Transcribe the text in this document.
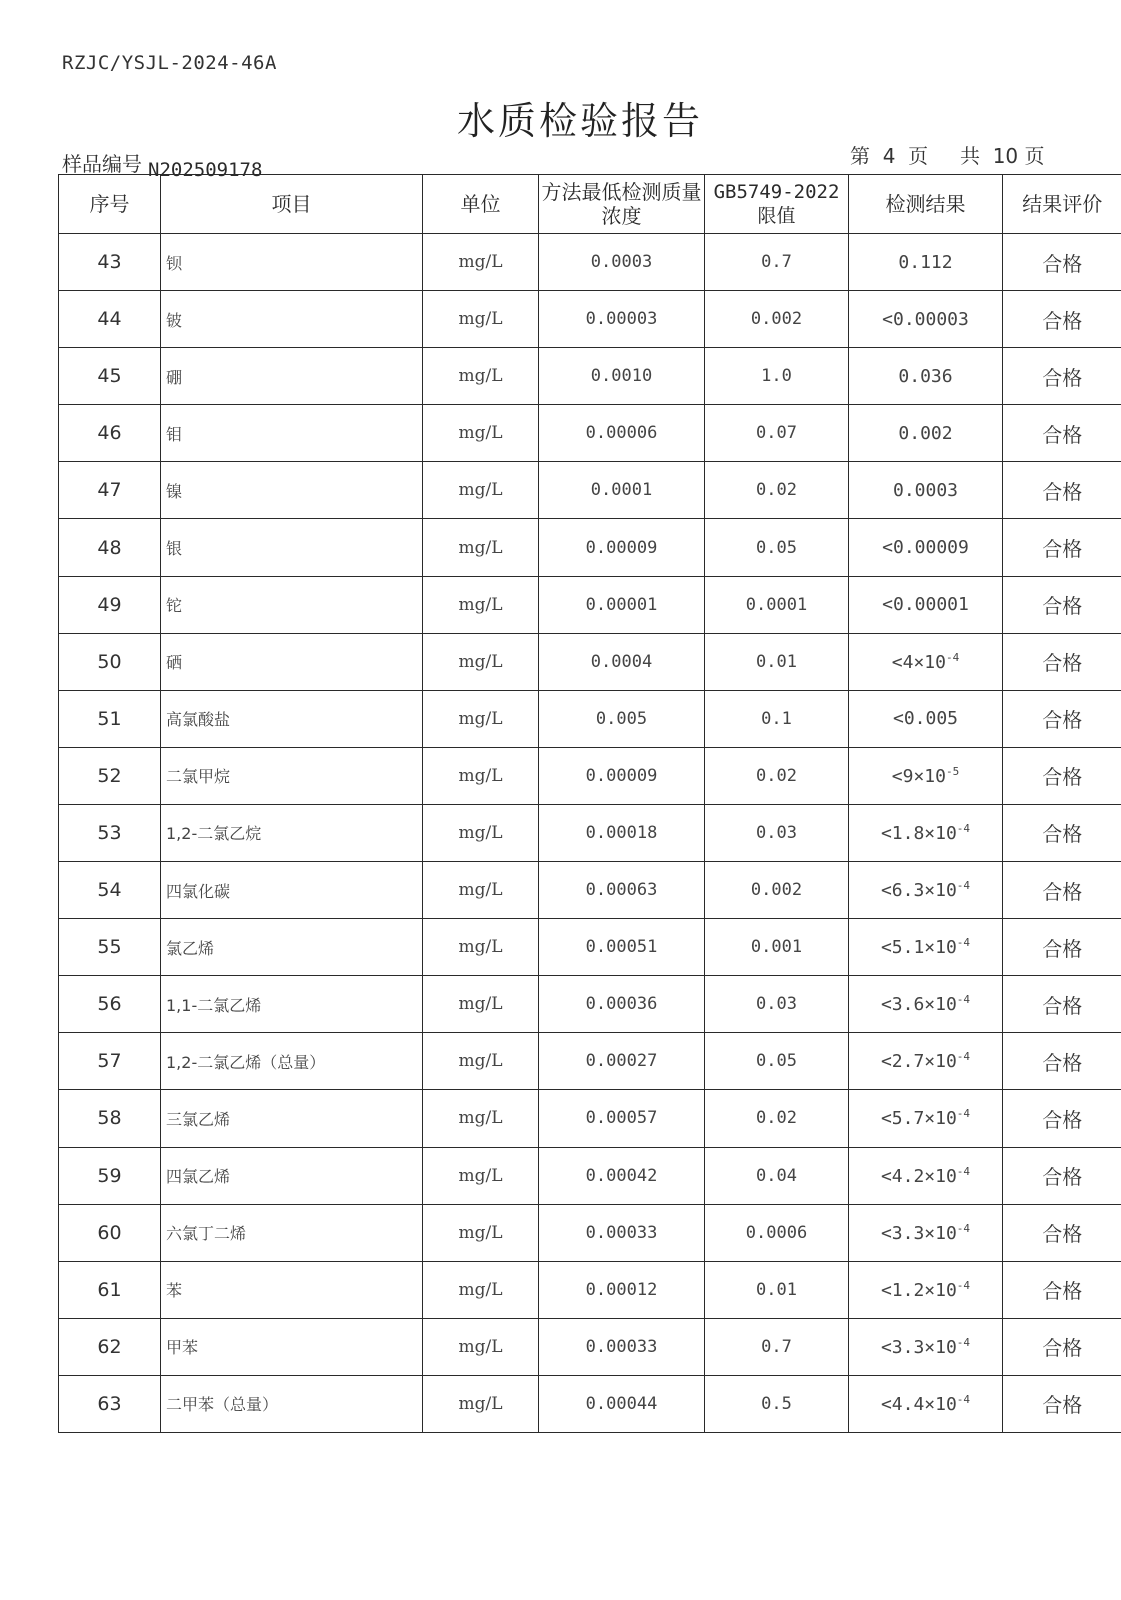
RZJC/YSJL-2024-46A
水质检验报告
样品编号 N202509178
第 4 页 共 10 页
序号	项目	单位	方法最低检测质量浓度	GB5749-2022 限值	检测结果	结果评价
43	钡	mg/L	0.0003	0.7	0.112	合格
44	铍	mg/L	0.00003	0.002	<0.00003	合格
45	硼	mg/L	0.0010	1.0	0.036	合格
46	钼	mg/L	0.00006	0.07	0.002	合格
47	镍	mg/L	0.0001	0.02	0.0003	合格
48	银	mg/L	0.00009	0.05	<0.00009	合格
49	铊	mg/L	0.00001	0.0001	<0.00001	合格
50	硒	mg/L	0.0004	0.01	$<4\times 10^{-4}$	合格
51	高氯酸盐	mg/L	0.005	0.1	<0.005	合格
52	二氯甲烷	mg/L	0.00009	0.02	$<9\times 10^{-5}$	合格
53	1,2-二氯乙烷	mg/L	0.00018	0.03	$<1.8\times 10^{-4}$	合格
54	四氯化碳	mg/L	0.00063	0.002	$<6.3\times 10^{-4}$	合格
55	氯乙烯	mg/L	0.00051	0.001	$<5.1\times 10^{-4}$	合格
56	1,1-二氯乙烯	mg/L	0.00036	0.03	$<3.6\times 10^{-4}$	合格
57	1,2-二氯乙烯（总量）	mg/L	0.00027	0.05	$<2.7\times 10^{-4}$	合格
58	三氯乙烯	mg/L	0.00057	0.02	$<5.7\times 10^{-4}$	合格
59	四氯乙烯	mg/L	0.00042	0.04	$<4.2\times 10^{-4}$	合格
60	六氯丁二烯	mg/L	0.00033	0.0006	$<3.3\times 10^{-4}$	合格
61	苯	mg/L	0.00012	0.01	$<1.2\times 10^{-4}$	合格
62	甲苯	mg/L	0.00033	0.7	$<3.3\times 10^{-4}$	合格
63	二甲苯（总量）	mg/L	0.00044	0.5	$<4.4\times 10^{-4}$	合格
